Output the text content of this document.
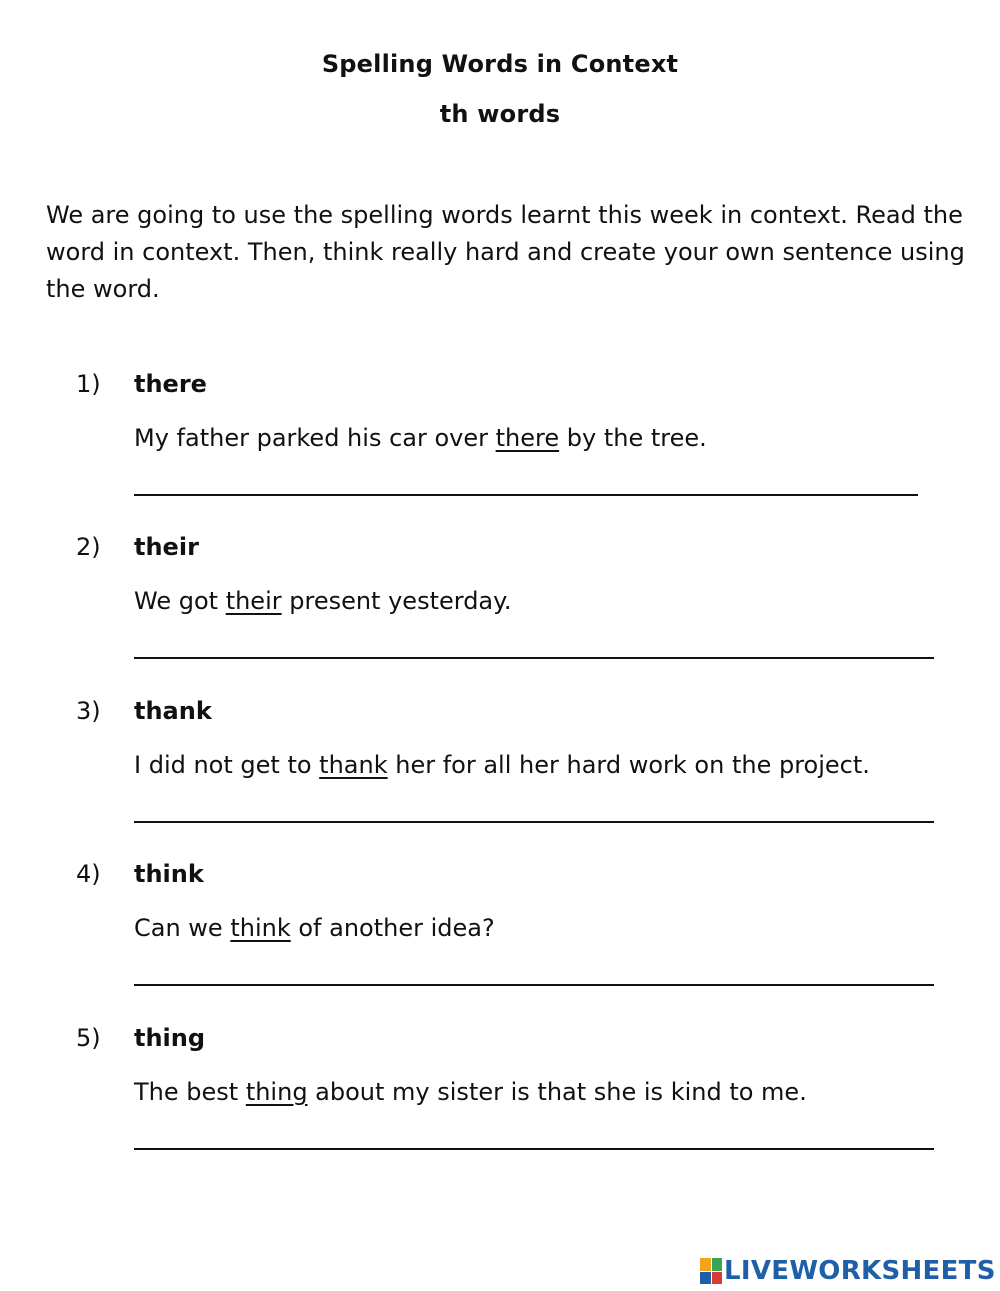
Spelling Words in Context
th words
We are going to use the spelling words learnt this week in context. Read the word in context. Then, think really hard and create your own sentence using the word.
1) there
My father parked his car over there by the tree.
2) their
We got their present yesterday.
3) thank
I did not get to thank her for all her hard work on the project.
4) think
Can we think of another idea?
5) thing
The best thing about my sister is that she is kind to me.
LIVEWORKSHEETS
